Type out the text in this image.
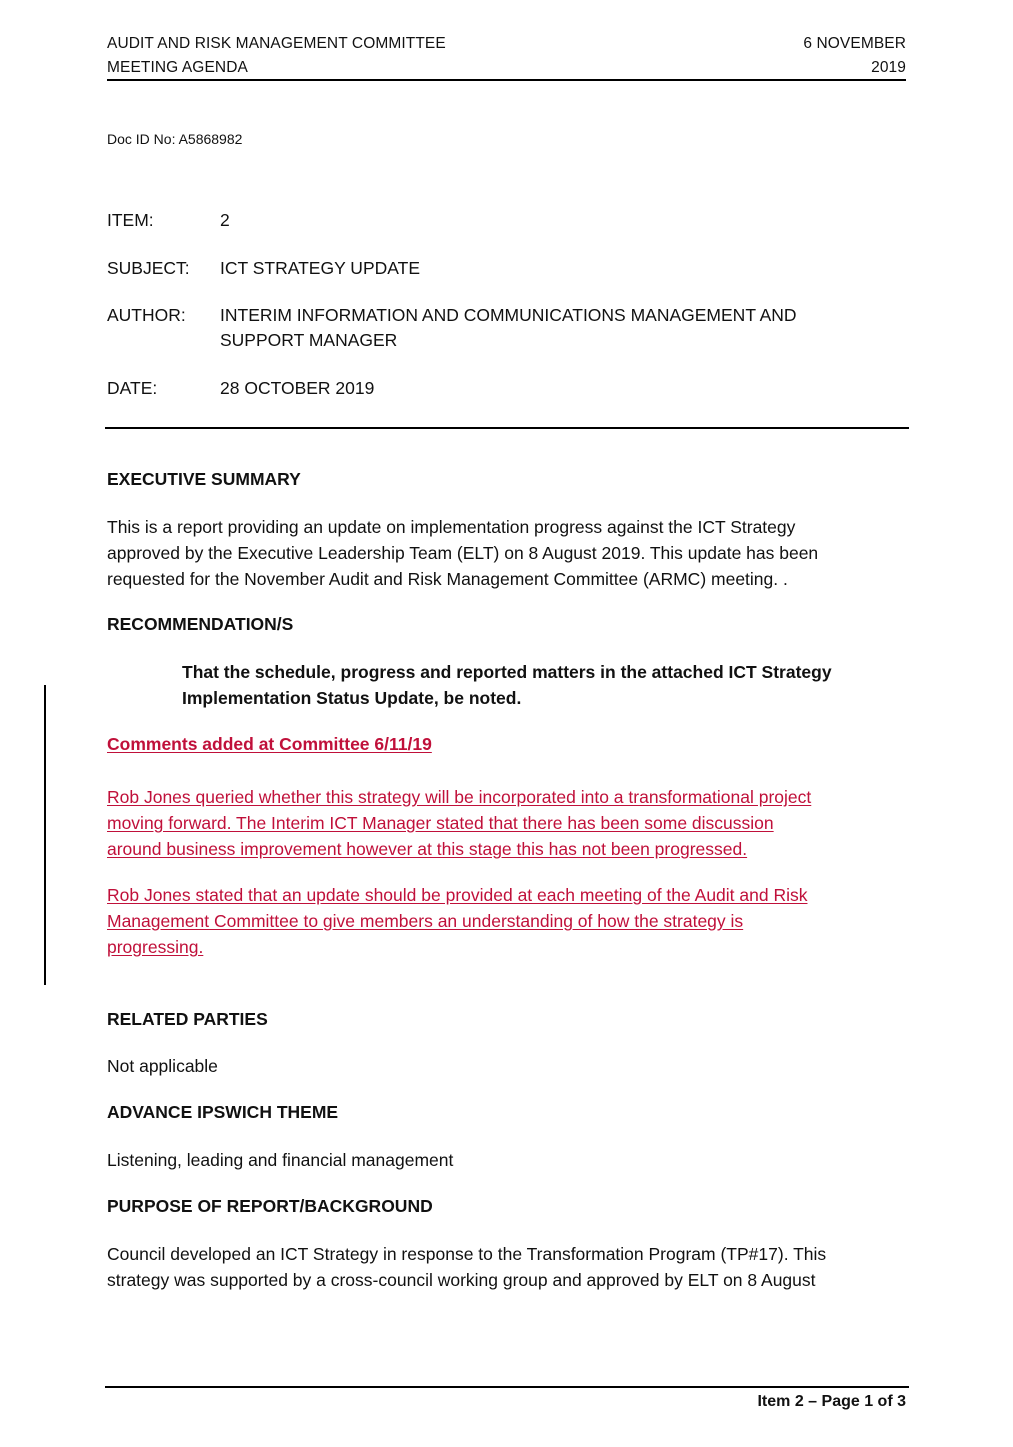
AUDIT AND RISK MANAGEMENT COMMITTEE
MEETING AGENDA
6 NOVEMBER
2019
Doc ID No: A5868982
ITEM:	2
SUBJECT: ICT STRATEGY UPDATE
AUTHOR: INTERIM INFORMATION AND COMMUNICATIONS MANAGEMENT AND
SUPPORT MANAGER
DATE:	28 OCTOBER 2019
EXECUTIVE SUMMARY
This is a report providing an update on implementation progress against the ICT Strategy
approved by the Executive Leadership Team (ELT) on 8 August 2019. This update has been
requested for the November Audit and Risk Management Committee (ARMC) meeting. .
RECOMMENDATION/S
That the schedule, progress and reported matters in the attached ICT Strategy
Implementation Status Update, be noted.
Comments added at Committee 6/11/19
Rob Jones queried whether this strategy will be incorporated into a transformational project
moving forward. The Interim ICT Manager stated that there has been some discussion
around business improvement however at this stage this has not been progressed.
Rob Jones stated that an update should be provided at each meeting of the Audit and Risk
Management Committee to give members an understanding of how the strategy is
progressing.
RELATED PARTIES
Not applicable
ADVANCE IPSWICH THEME
Listening, leading and financial management
PURPOSE OF REPORT/BACKGROUND
Council developed an ICT Strategy in response to the Transformation Program (TP#17). This
strategy was supported by a cross-council working group and approved by ELT on 8 August
Item 2 – Page 1 of 3
